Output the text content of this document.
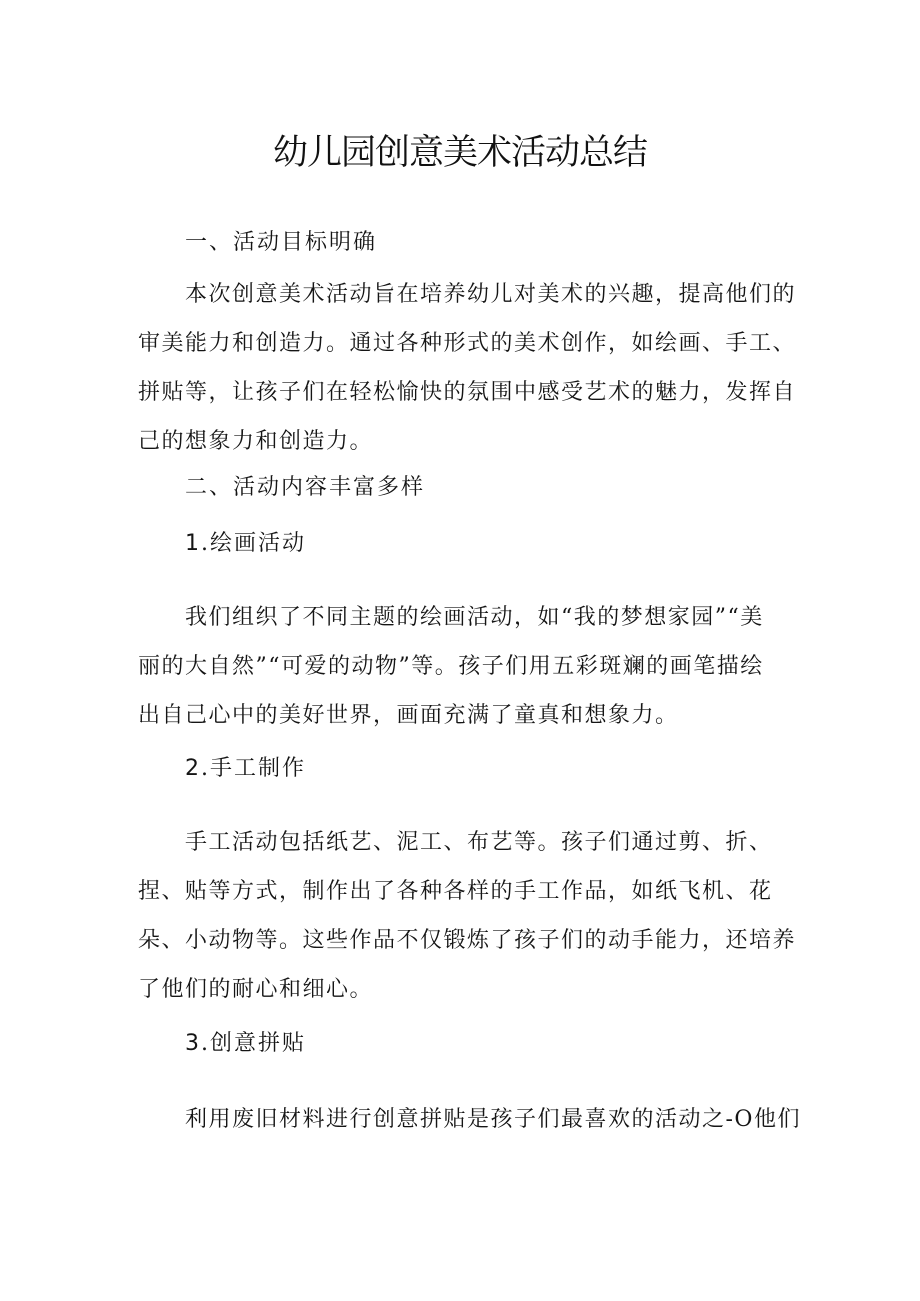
幼儿园创意美术活动总结
一、活动目标明确
本次创意美术活动旨在培养幼儿对美术的兴趣，提高他们的
审美能力和创造力。通过各种形式的美术创作，如绘画、手工、
拼贴等，让孩子们在轻松愉快的氛围中感受艺术的魅力，发挥自
己的想象力和创造力。
二、活动内容丰富多样
1.绘画活动
我们组织了不同主题的绘画活动，如“我的梦想家园”“美
丽的大自然”“可爱的动物”等。孩子们用五彩斑斓的画笔描绘
出自己心中的美好世界，画面充满了童真和想象力。
2.手工制作
手工活动包括纸艺、泥工、布艺等。孩子们通过剪、折、
捏、贴等方式，制作出了各种各样的手工作品，如纸飞机、花
朵、小动物等。这些作品不仅锻炼了孩子们的动手能力，还培养
了他们的耐心和细心。
3.创意拼贴
利用废旧材料进行创意拼贴是孩子们最喜欢的活动之-O他们
